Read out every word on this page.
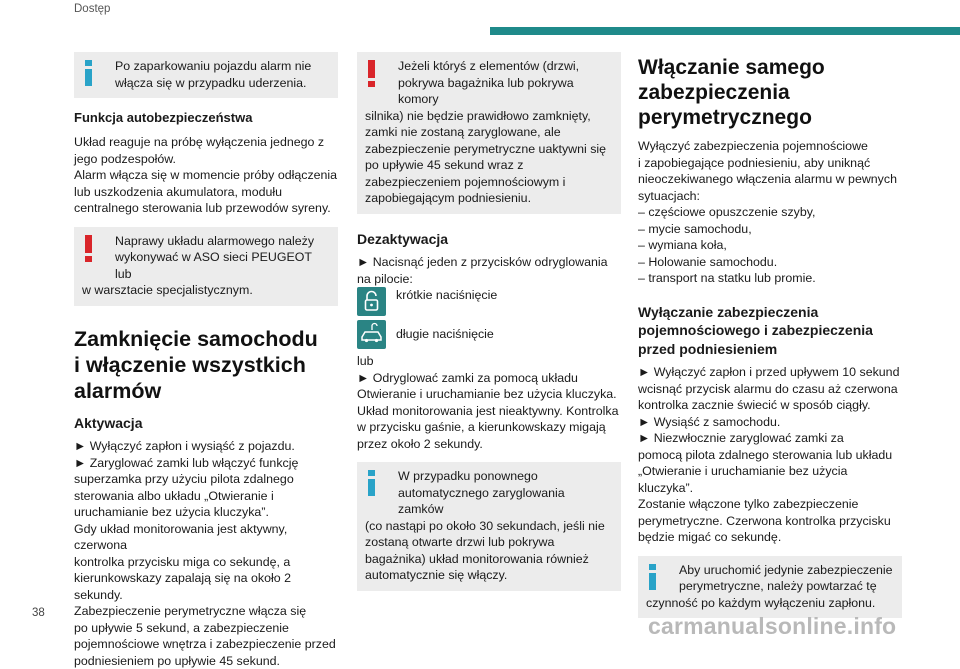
Dostęp
Po zaparkowaniu pojazdu alarm nie
włącza się w przypadku uderzenia.
Funkcja autobezpieczeństwa
Układ reaguje na próbę wyłączenia jednego z
jego podzespołów.
Alarm włącza się w momencie próby odłączenia
lub uszkodzenia akumulatora, modułu
centralnego sterowania lub przewodów syreny.
Naprawy układu alarmowego należy
wykonywać w ASO sieci PEUGEOT lub
w warsztacie specjalistycznym.
Zamknięcie samochodu
i włączenie wszystkich
alarmów
Aktywacja
► Wyłączyć zapłon i wysiąść z pojazdu.
► Zaryglować zamki lub włączyć funkcję
superzamka przy użyciu pilota zdalnego
sterowania albo układu „Otwieranie i
uruchamianie bez użycia kluczyka”.
Gdy układ monitorowania jest aktywny, czerwona
kontrolka przycisku miga co sekundę, a
kierunkowskazy zapalają się na około 2 sekundy.
Zabezpieczenie perymetryczne włącza się
po upływie 5 sekund, a zabezpieczenie
pojemnościowe wnętrza i zabezpieczenie przed
podniesieniem po upływie 45 sekund.
Jeżeli któryś z elementów (drzwi,
pokrywa bagażnika lub pokrywa komory
silnika) nie będzie prawidłowo zamknięty,
zamki nie zostaną zaryglowane, ale
zabezpieczenie perymetryczne uaktywni się
po upływie 45 sekund wraz z
zabezpieczeniem pojemnościowym i
zapobiegającym podniesieniu.
Dezaktywacja
► Nacisnąć jeden z przycisków odryglowania
na pilocie:
krótkie naciśnięcie
długie naciśnięcie
lub
► Odryglować zamki za pomocą układu
Otwieranie i uruchamianie bez użycia kluczyka.
Układ monitorowania jest nieaktywny. Kontrolka
w przycisku gaśnie, a kierunkowskazy migają
przez około 2 sekundy.
W przypadku ponownego
automatycznego zaryglowania zamków
(co nastąpi po około 30 sekundach, jeśli nie
zostaną otwarte drzwi lub pokrywa
bagażnika) układ monitorowania również
automatycznie się włączy.
Włączanie samego
zabezpieczenia
perymetrycznego
Wyłączyć zabezpieczenia pojemnościowe
i zapobiegające podniesieniu, aby uniknąć
nieoczekiwanego włączenia alarmu w pewnych
sytuacjach:
– częściowe opuszczenie szyby,
– mycie samochodu,
– wymiana koła,
– Holowanie samochodu.
– transport na statku lub promie.
Wyłączanie zabezpieczenia
pojemnościowego i zabezpieczenia
przed podniesieniem
► Wyłączyć zapłon i przed upływem 10 sekund
wcisnąć przycisk alarmu do czasu aż czerwona
kontrolka zacznie świecić w sposób ciągły.
► Wysiąść z samochodu.
► Niezwłocznie zaryglować zamki za
pomocą pilota zdalnego sterowania lub układu
„Otwieranie i uruchamianie bez użycia kluczyka”.
Zostanie włączone tylko zabezpieczenie
perymetryczne. Czerwona kontrolka przycisku
będzie migać co sekundę.
Aby uruchomić jedynie zabezpieczenie
perymetryczne, należy powtarzać tę
czynność po każdym wyłączeniu zapłonu.
38	carmanualsonline.info
